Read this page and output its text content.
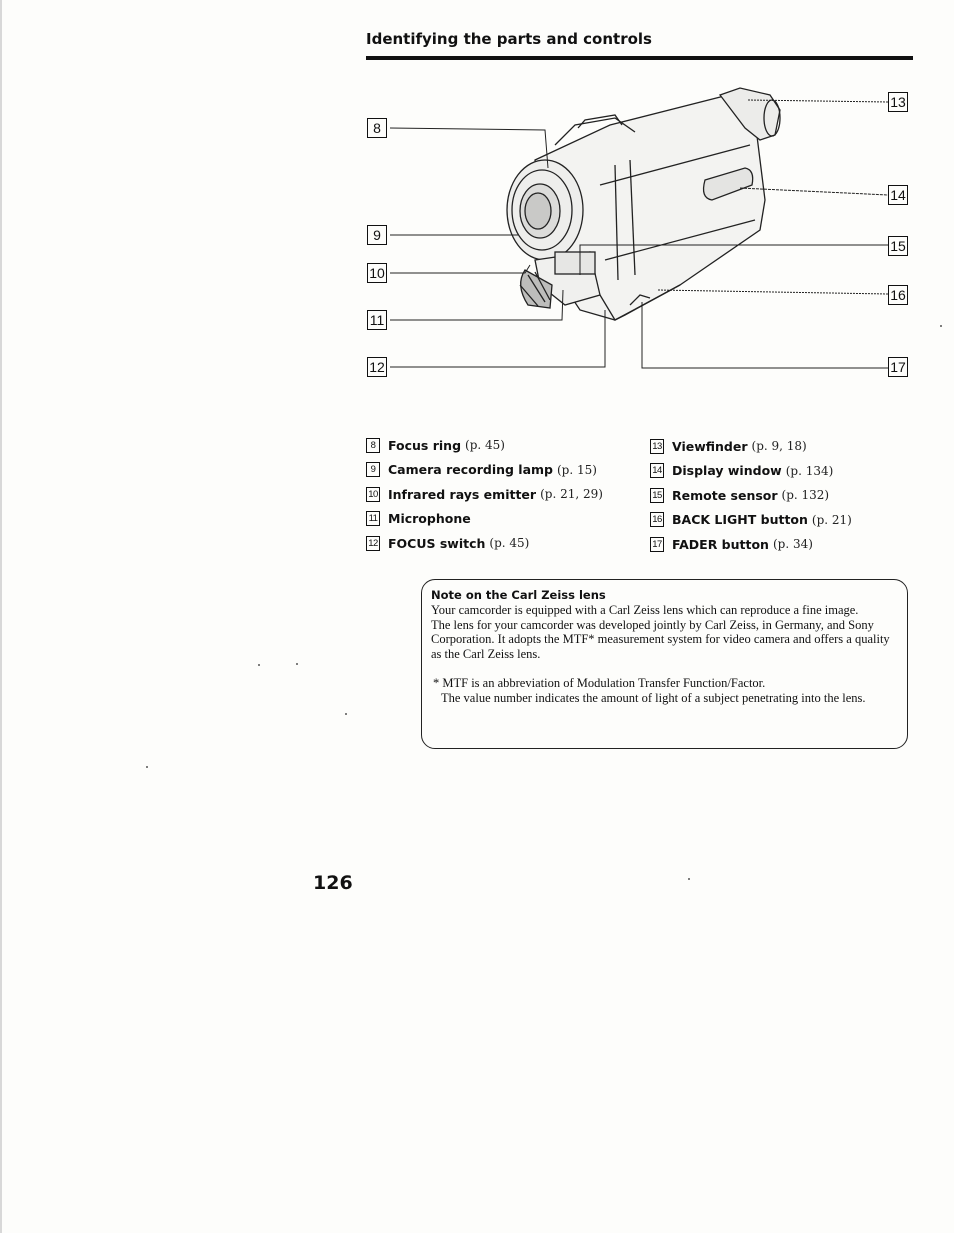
Identifying the parts and controls
8
9
10
11
12
13
14
15
16
17
8	Focus ring (p. 45)
9	Camera recording lamp (p. 15)
10 Infrared rays emitter (p. 21, 29)
11 Microphone
12 FOCUS switch (p. 45)
13 Viewfinder (p. 9, 18)
14 Display window (p. 134)
15 Remote sensor (p. 132)
16 BACK LIGHT button (p. 21)
17 FADER button (p. 34)
Note on the Carl Zeiss lens
Your camcorder is equipped with a Carl Zeiss lens which can reproduce a fine image.
The lens for your camcorder was developed jointly by Carl Zeiss, in Germany, and Sony Corporation. It adopts the MTF* measurement system for video camera and offers a quality as the Carl Zeiss lens.
* MTF is an abbreviation of Modulation Transfer Function/Factor.
The value number indicates the amount of light of a subject penetrating into the lens.
126
